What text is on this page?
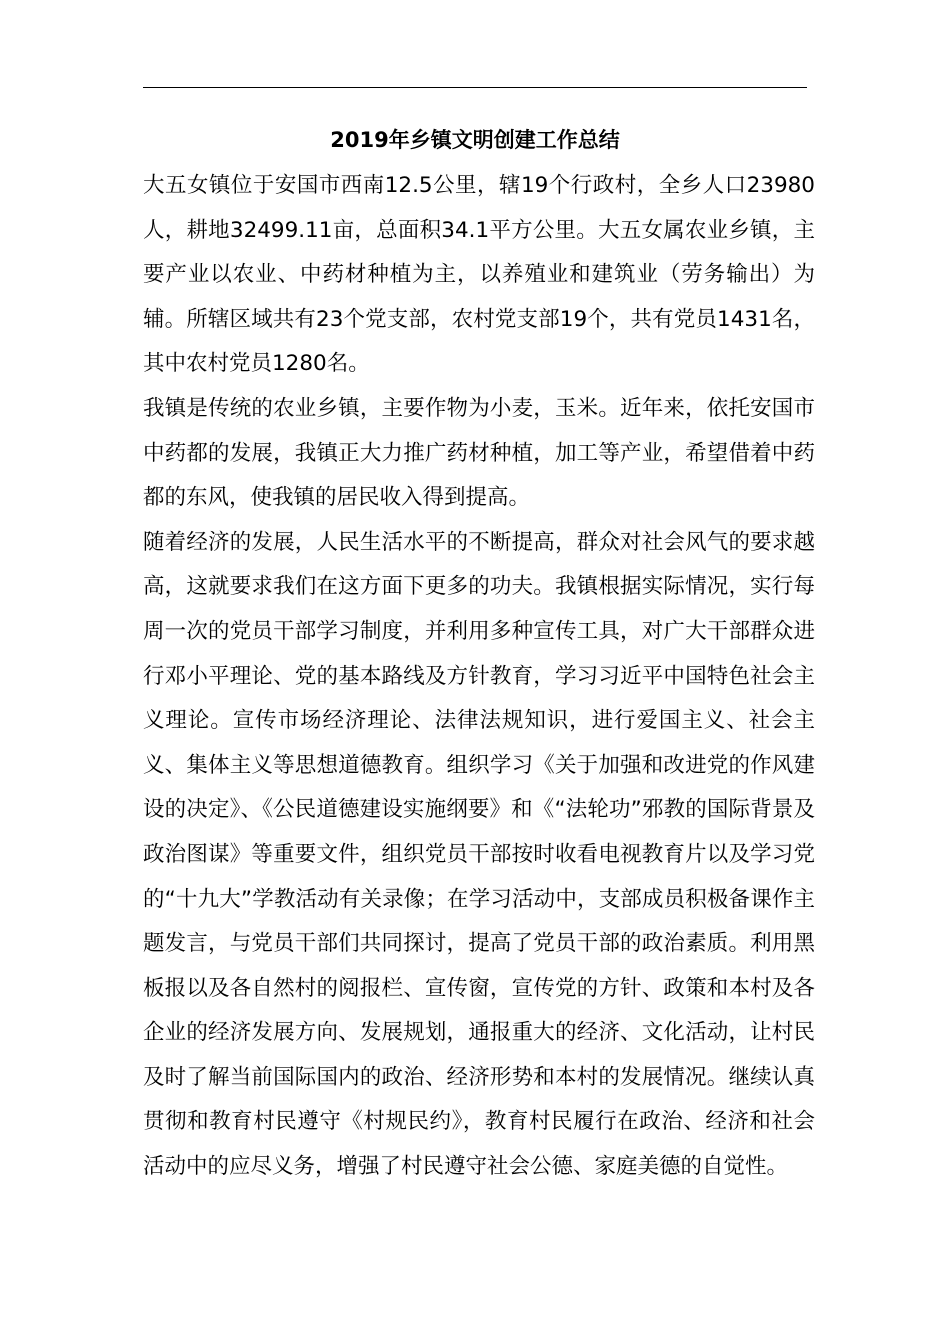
2019年乡镇文明创建工作总结

大五女镇位于安国市西南12.5公里，辖19个行政村，全乡人口23980人，耕地32499.11亩，总面积34.1平方公里。大五女属农业乡镇，主要产业以农业、中药材种植为主，以养殖业和建筑业（劳务输出）为辅。所辖区域共有23个党支部，农村党支部19个，共有党员1431名，其中农村党员1280名。

我镇是传统的农业乡镇，主要作物为小麦，玉米。近年来，依托安国市中药都的发展，我镇正大力推广药材种植，加工等产业，希望借着中药都的东风，使我镇的居民收入得到提高。

随着经济的发展，人民生活水平的不断提高，群众对社会风气的要求越高，这就要求我们在这方面下更多的功夫。我镇根据实际情况，实行每周一次的党员干部学习制度，并利用多种宣传工具，对广大干部群众进行邓小平理论、党的基本路线及方针教育，学习习近平中国特色社会主义理论。宣传市场经济理论、法律法规知识，进行爱国主义、社会主义、集体主义等思想道德教育。组织学习《关于加强和改进党的作风建设的决定》、《公民道德建设实施纲要》和《“法轮功”邪教的国际背景及政治图谋》等重要文件，组织党员干部按时收看电视教育片以及学习党的“十九大”学教活动有关录像；在学习活动中，支部成员积极备课作主题发言，与党员干部们共同探讨，提高了党员干部的政治素质。利用黑板报以及各自然村的阅报栏、宣传窗，宣传党的方针、政策和本村及各企业的经济发展方向、发展规划，通报重大的经济、文化活动，让村民及时了解当前国际国内的政治、经济形势和本村的发展情况。继续认真贯彻和教育村民遵守《村规民约》，教育村民履行在政治、经济和社会活动中的应尽义务，增强了村民遵守社会公德、家庭美德的自觉性。
